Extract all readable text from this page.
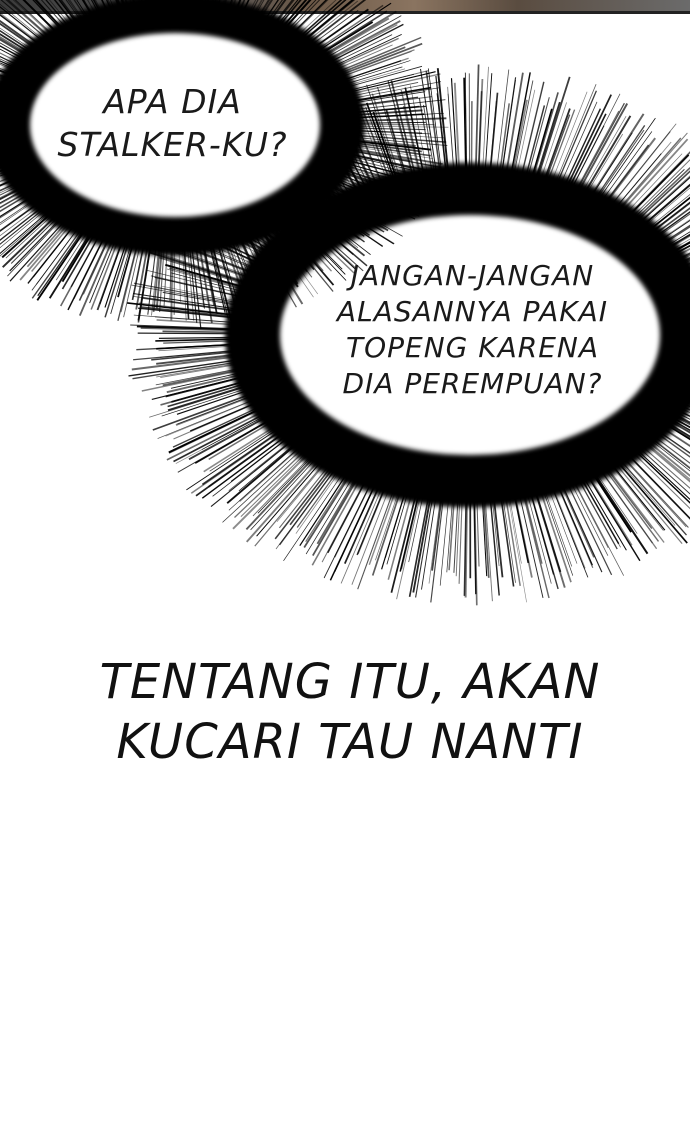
APA DIA
STALKER-KU?

JANGAN-JANGAN
ALASANNYA PAKAI
TOPENG KARENA
DIA PEREMPUAN?

TENTANG ITU, AKAN
KUCARI TAU NANTI
